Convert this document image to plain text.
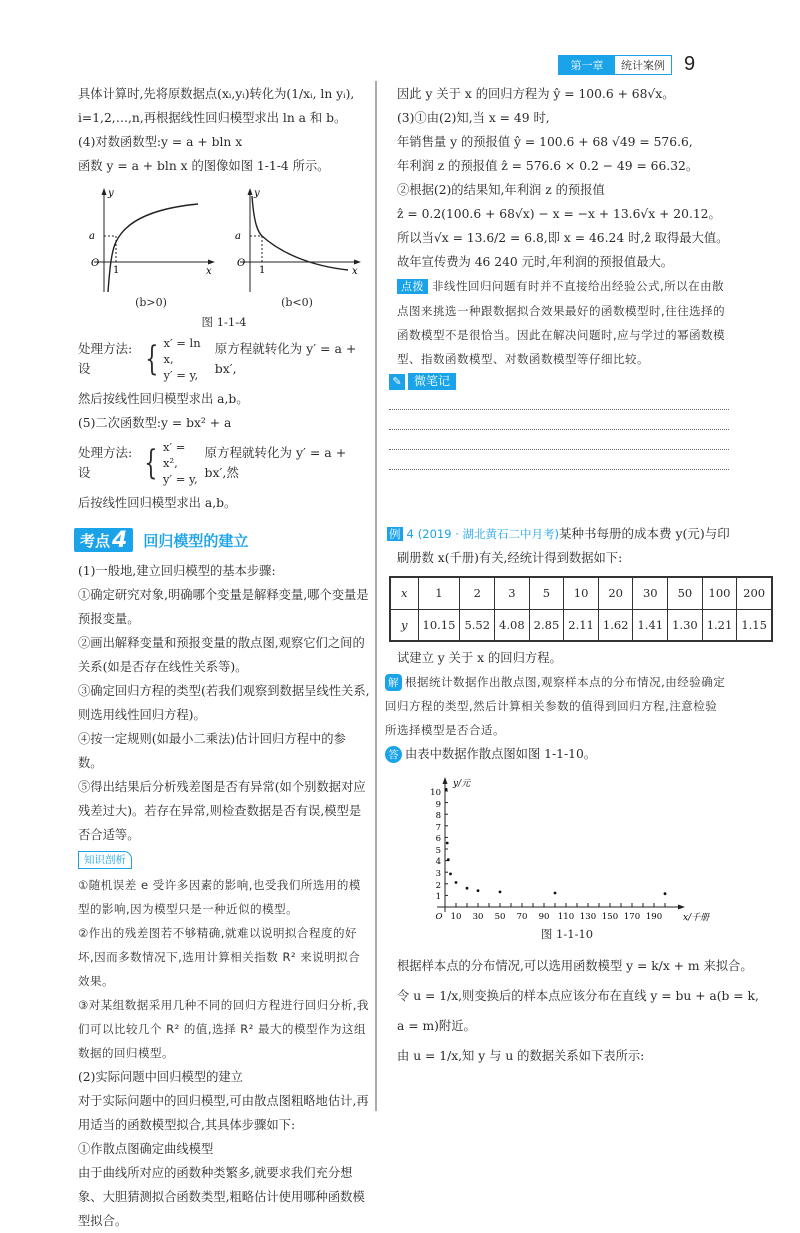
第一章	统计案例 9
具体计算时,先将原数据点(xᵢ,yᵢ)转化为(1/xᵢ, ln yᵢ),
i=1,2,…,n,再根据线性回归模型求出 ln a 和 b。
(4)对数函数型:y = a + bln x
函数 y = a + bln x 的图像如图 1-1-4 所示。
y
a
O
1	x
y
a
O
1	x
(b>0)	(b<0)
图 1-1-4
处理方法:设	{ x′ = ln x,
y′ = y,
原方程就转化为 y′ = a + bx′,
然后按线性回归模型求出 a,b。
(5)二次函数型:y = bx² + a
处理方法:设	{ x′ = x²,
y′ = y,
原方程就转化为 y′ = a + bx′,然
后按线性回归模型求出 a,b。
考点 4 回归模型的建立
(1)一般地,建立回归模型的基本步骤:
①确定研究对象,明确哪个变量是解释变量,哪个变量是预报变量。
②画出解释变量和预报变量的散点图,观察它们之间的关系(如是否存在线性关系等)。
③确定回归方程的类型(若我们观察到数据呈线性关系,则选用线性回归方程)。
④按一定规则(如最小二乘法)估计回归方程中的参数。
⑤得出结果后分析残差图是否有异常(如个别数据对应残差过大)。若存在异常,则检查数据是否有误,模型是否合适等。
知识剖析
①随机误差 e 受许多因素的影响,也受我们所选用的模型的影响,因为模型只是一种近似的模型。
②作出的残差图若不够精确,就难以说明拟合程度的好坏,因而多数情况下,选用计算相关指数 R² 来说明拟合效果。
③对某组数据采用几种不同的回归方程进行回归分析,我们可以比较几个 R² 的值,选择 R² 最大的模型作为这组数据的回归模型。
(2)实际问题中回归模型的建立
对于实际问题中的回归模型,可由散点图粗略地估计,再用适当的函数模型拟合,其具体步骤如下:
①作散点图确定曲线模型
由于曲线所对应的函数种类繁多,就要求我们充分想象、大胆猜测拟合函数类型,粗略估计使用哪种函数模型拟合。
因此 y 关于 x 的回归方程为 ŷ = 100.6 + 68√x。
(3)①由(2)知,当 x = 49 时,
年销售量 y 的预报值 ŷ = 100.6 + 68 √49 = 576.6,
年利润 z 的预报值 ẑ = 576.6 × 0.2 − 49 = 66.32。
②根据(2)的结果知,年利润 z 的预报值
ẑ = 0.2(100.6 + 68√x) − x = −x + 13.6√x + 20.12。
所以当√x = 13.6/2 = 6.8,即 x = 46.24 时,ẑ 取得最大值。
故年宣传费为 46 240 元时,年利润的预报值最大。
点拨 非线性回归问题有时并不直接给出经验公式,所以在由散点图来挑选一种跟数据拟合效果最好的函数模型时,往往选择的函数模型不是很恰当。因此在解决问题时,应与学过的幂函数模型、指数函数模型、对数函数模型等仔细比较。
✎	微笔记
例 4 (2019 · 湖北黄石二中月考)某种书每册的成本费 y(元)与印
刷册数 x(千册)有关,经统计得到数据如下:
x	1	2	3	5	10	20	30	50	100	200
y	10.15	5.52	4.08	2.85	2.11	1.62	1.41	1.30	1.21	1.15
试建立 y 关于 x 的回归方程。
解 根据统计数据作出散点图,观察样本点的分布情况,由经验确定回归方程的类型,然后计算相关参数的值得到回归方程,注意检验所选择模型是否合适。
答 由表中数据作散点图如图 1-1-10。
y/元
x/千册
1
2
3
4
5
6
7
8
9
10
O 10 30 50 70 90 110 130 150 170 190
图 1-1-10
根据样本点的分布情况,可以选用函数模型 y = k/x + m 来拟合。
令 u = 1/x,则变换后的样本点应该分布在直线 y = bu + a(b = k,
a = m)附近。
由 u = 1/x,知 y 与 u 的数据关系如下表所示:
